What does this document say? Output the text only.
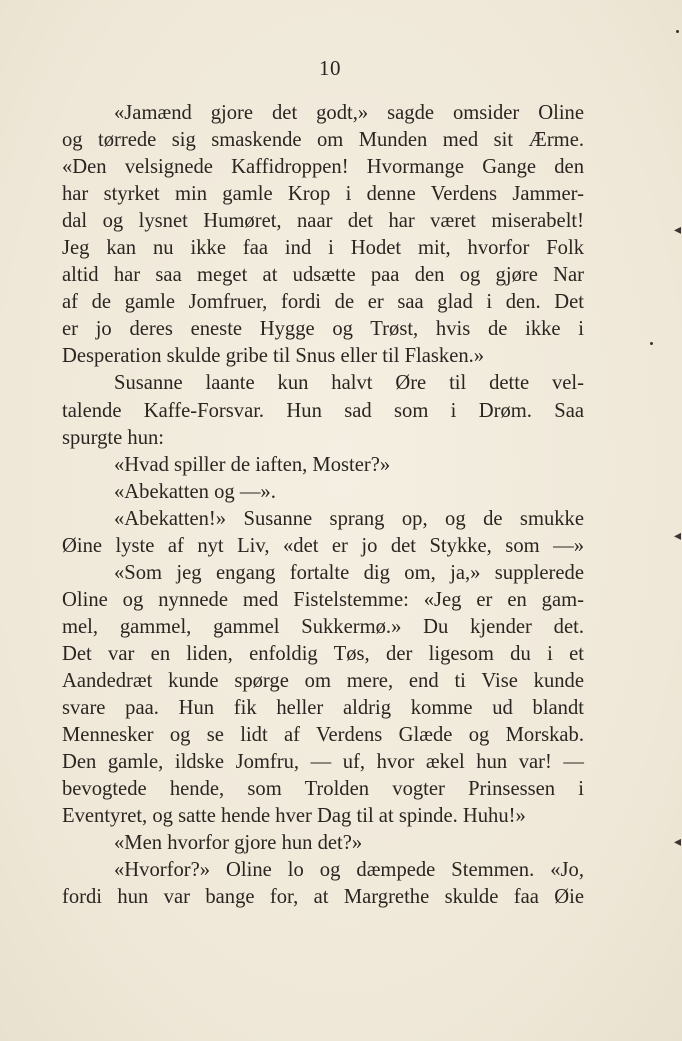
10
«Jamænd gjore det godt,» sagde omsider Oline
og tørrede sig smaskende om Munden med sit Ærme.
«Den velsignede Kaffidroppen! Hvormange Gange den
har styrket min gamle Krop i denne Verdens Jammer-
dal og lysnet Humøret, naar det har været miserabelt!
Jeg kan nu ikke faa ind i Hodet mit, hvorfor Folk
altid har saa meget at udsætte paa den og gjøre Nar
af de gamle Jomfruer, fordi de er saa glad i den. Det
er jo deres eneste Hygge og Trøst, hvis de ikke i
Desperation skulde gribe til Snus eller til Flasken.»
Susanne laante kun halvt Øre til dette vel-
talende Kaffe-Forsvar. Hun sad som i Drøm. Saa
spurgte hun:
«Hvad spiller de iaften, Moster?»
«Abekatten og —».
«Abekatten!» Susanne sprang op, og de smukke
Øine lyste af nyt Liv, «det er jo det Stykke, som —»
«Som jeg engang fortalte dig om, ja,» supplerede
Oline og nynnede med Fistelstemme: «Jeg er en gam-
mel, gammel, gammel Sukkermø.» Du kjender det.
Det var en liden, enfoldig Tøs, der ligesom du i et
Aandedræt kunde spørge om mere, end ti Vise kunde
svare paa. Hun fik heller aldrig komme ud blandt
Mennesker og se lidt af Verdens Glæde og Morskab.
Den gamle, ildske Jomfru, — uf, hvor ækel hun var! —
bevogtede hende, som Trolden vogter Prinsessen i
Eventyret, og satte hende hver Dag til at spinde. Huhu!»
«Men hvorfor gjore hun det?»
«Hvorfor?» Oline lo og dæmpede Stemmen. «Jo,
fordi hun var bange for, at Margrethe skulde faa Øie
◂
◂
◂
